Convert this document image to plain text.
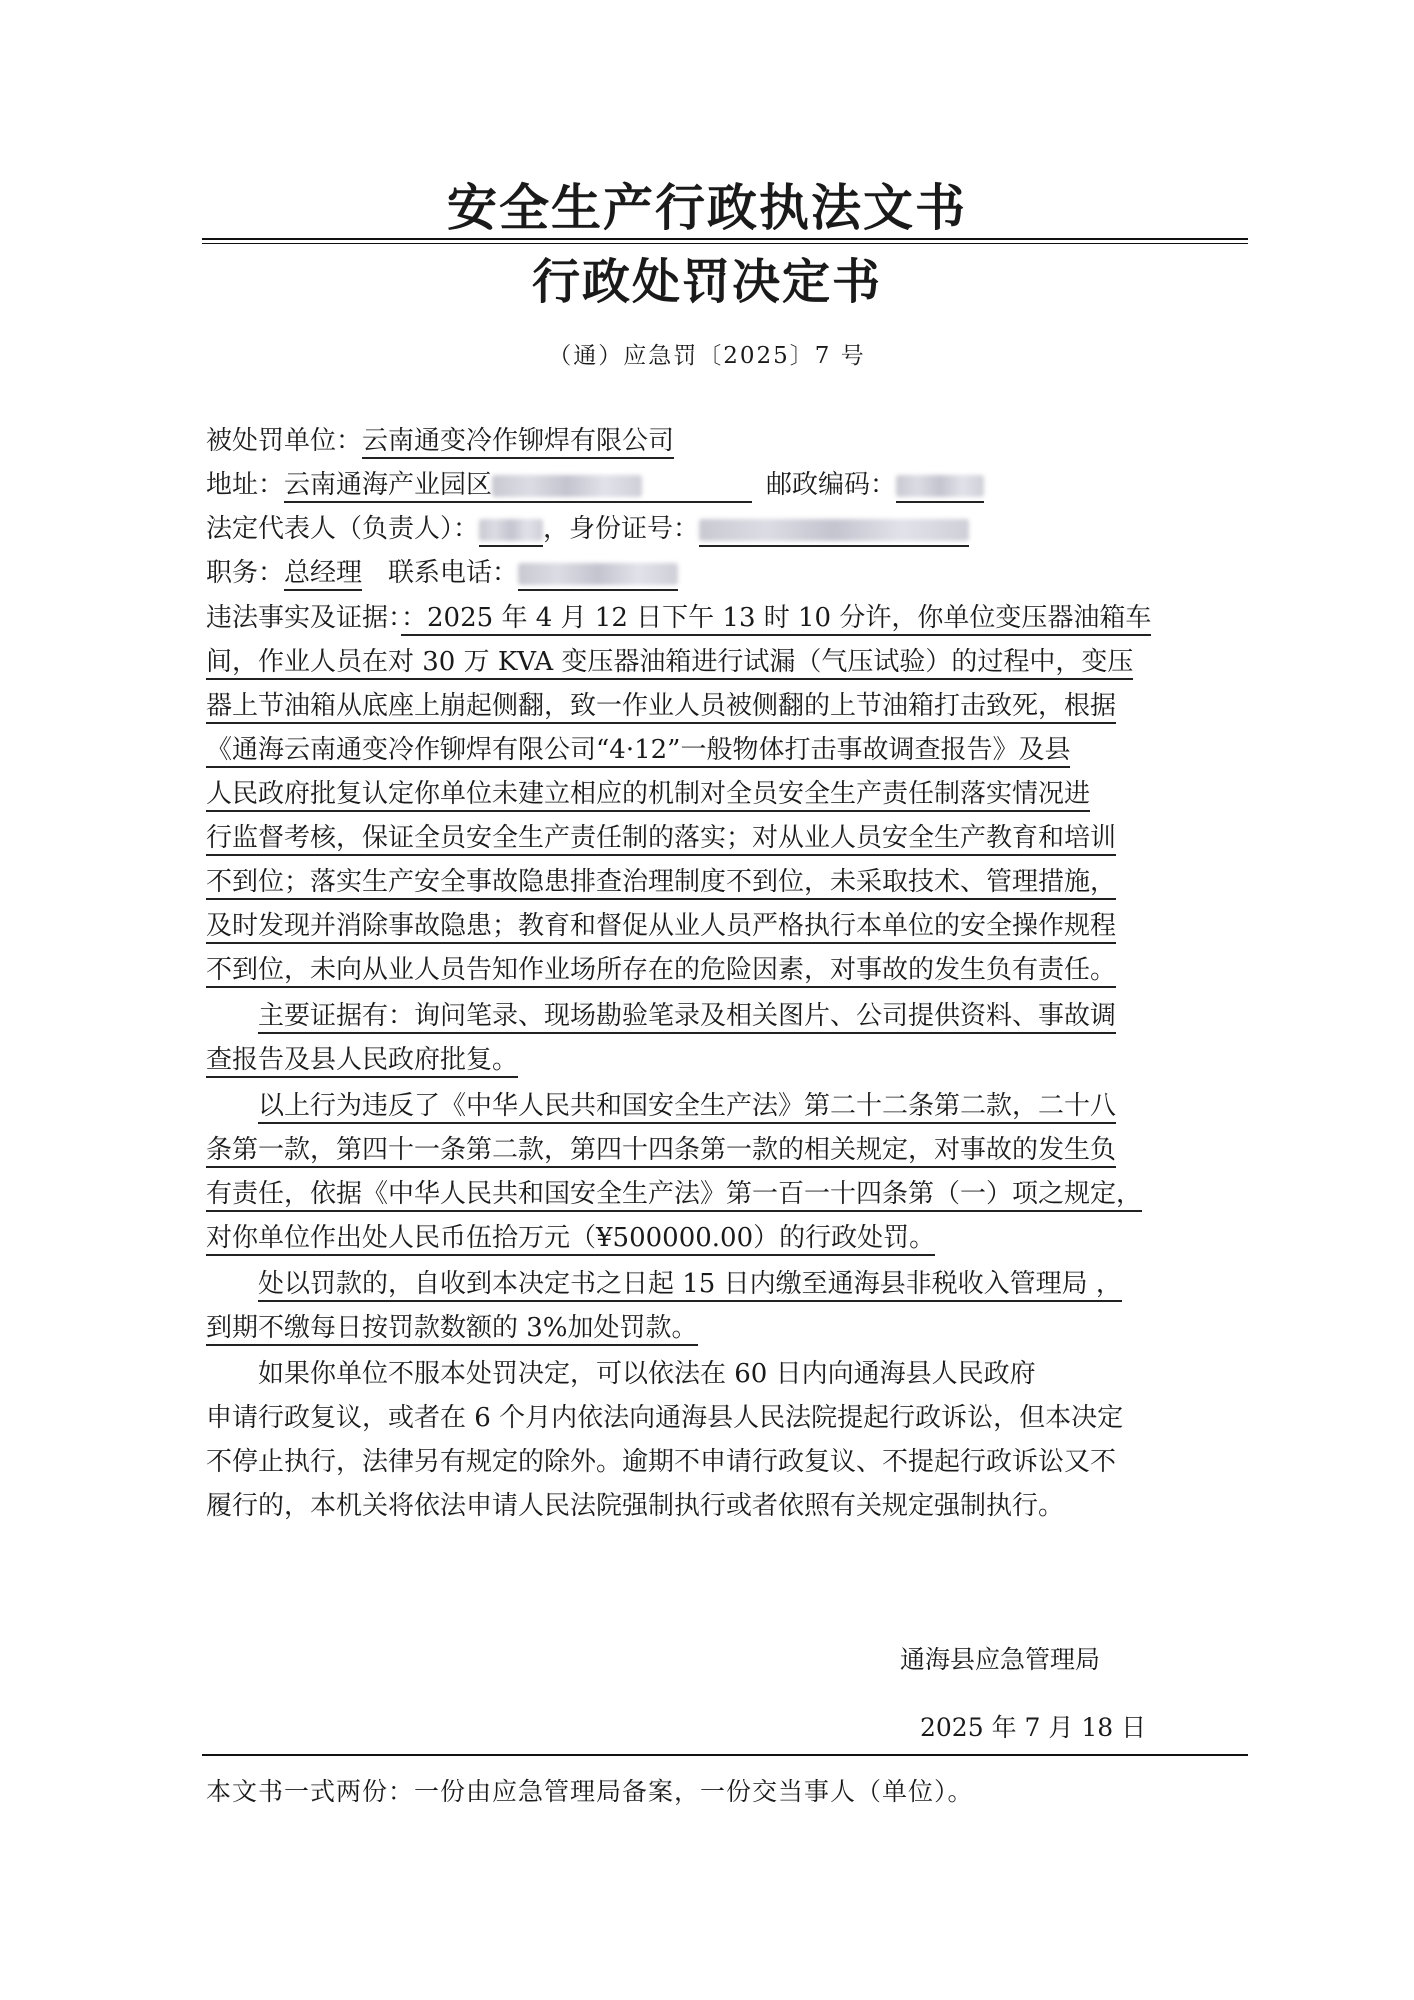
安全生产行政执法文书
行政处罚决定书
（通）应急罚〔2025〕7 号
被处罚单位：云南通变冷作铆焊有限公司
地址：云南通海产业园区	邮政编码：
法定代表人（负责人）： ，身份证号：
职务：总经理 联系电话：
违法事实及证据：：2025 年 4 月 12 日下午 13 时 10 分许，你单位变压器油箱车
间，作业人员在对 30 万 KVA 变压器油箱进行试漏（气压试验）的过程中，变压
器上节油箱从底座上崩起侧翻，致一作业人员被侧翻的上节油箱打击致死，根据
《通海云南通变冷作铆焊有限公司“4·12”一般物体打击事故调查报告》及县
人民政府批复认定你单位未建立相应的机制对全员安全生产责任制落实情况进
行监督考核，保证全员安全生产责任制的落实；对从业人员安全生产教育和培训
不到位；落实生产安全事故隐患排查治理制度不到位，未采取技术、管理措施，
及时发现并消除事故隐患；教育和督促从业人员严格执行本单位的安全操作规程
不到位，未向从业人员告知作业场所存在的危险因素，对事故的发生负有责任。
主要证据有：询问笔录、现场勘验笔录及相关图片、公司提供资料、事故调
查报告及县人民政府批复。
以上行为违反了《中华人民共和国安全生产法》第二十二条第二款，二十八
条第一款，第四十一条第二款，第四十四条第一款的相关规定，对事故的发生负
有责任，依据《中华人民共和国安全生产法》第一百一十四条第（一）项之规定，
对你单位作出处人民币伍拾万元（¥500000.00）的行政处罚。
处以罚款的，自收到本决定书之日起 15 日内缴至通海县非税收入管理局 ，
到期不缴每日按罚款数额的 3%加处罚款。
如果你单位不服本处罚决定，可以依法在 60 日内向通海县人民政府
申请行政复议，或者在 6 个月内依法向通海县人民法院提起行政诉讼，但本决定
不停止执行，法律另有规定的除外。逾期不申请行政复议、不提起行政诉讼又不
履行的，本机关将依法申请人民法院强制执行或者依照有关规定强制执行。
通海县应急管理局
2025 年 7 月 18 日
本文书一式两份：一份由应急管理局备案，一份交当事人（单位）。
